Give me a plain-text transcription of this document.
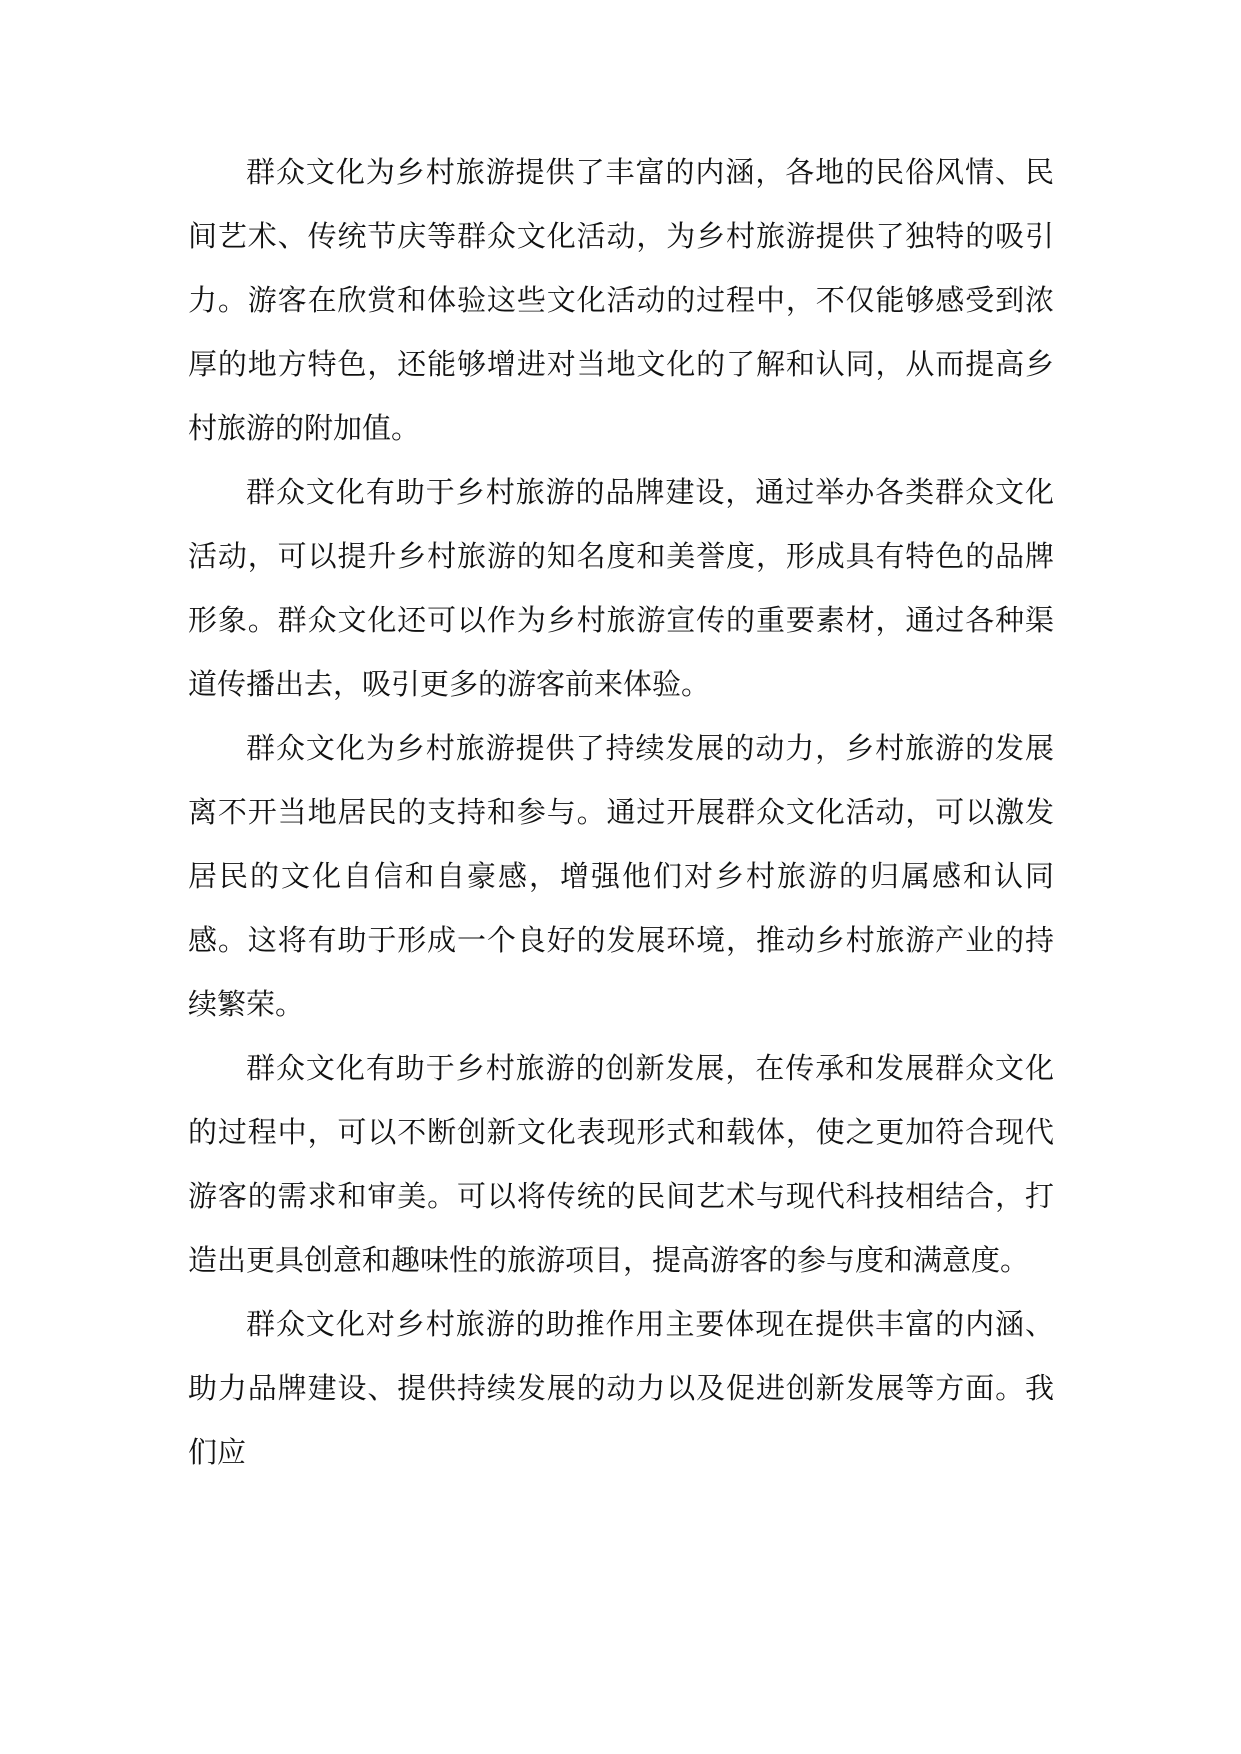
群众文化为乡村旅游提供了丰富的内涵，各地的民俗风情、民间艺术、传统节庆等群众文化活动，为乡村旅游提供了独特的吸引力。游客在欣赏和体验这些文化活动的过程中，不仅能够感受到浓厚的地方特色，还能够增进对当地文化的了解和认同，从而提高乡村旅游的附加值。

群众文化有助于乡村旅游的品牌建设，通过举办各类群众文化活动，可以提升乡村旅游的知名度和美誉度，形成具有特色的品牌形象。群众文化还可以作为乡村旅游宣传的重要素材，通过各种渠道传播出去，吸引更多的游客前来体验。

群众文化为乡村旅游提供了持续发展的动力，乡村旅游的发展离不开当地居民的支持和参与。通过开展群众文化活动，可以激发居民的文化自信和自豪感，增强他们对乡村旅游的归属感和认同感。这将有助于形成一个良好的发展环境，推动乡村旅游产业的持续繁荣。

群众文化有助于乡村旅游的创新发展，在传承和发展群众文化的过程中，可以不断创新文化表现形式和载体，使之更加符合现代游客的需求和审美。可以将传统的民间艺术与现代科技相结合，打造出更具创意和趣味性的旅游项目，提高游客的参与度和满意度。

群众文化对乡村旅游的助推作用主要体现在提供丰富的内涵、助力品牌建设、提供持续发展的动力以及促进创新发展等方面。我们应
